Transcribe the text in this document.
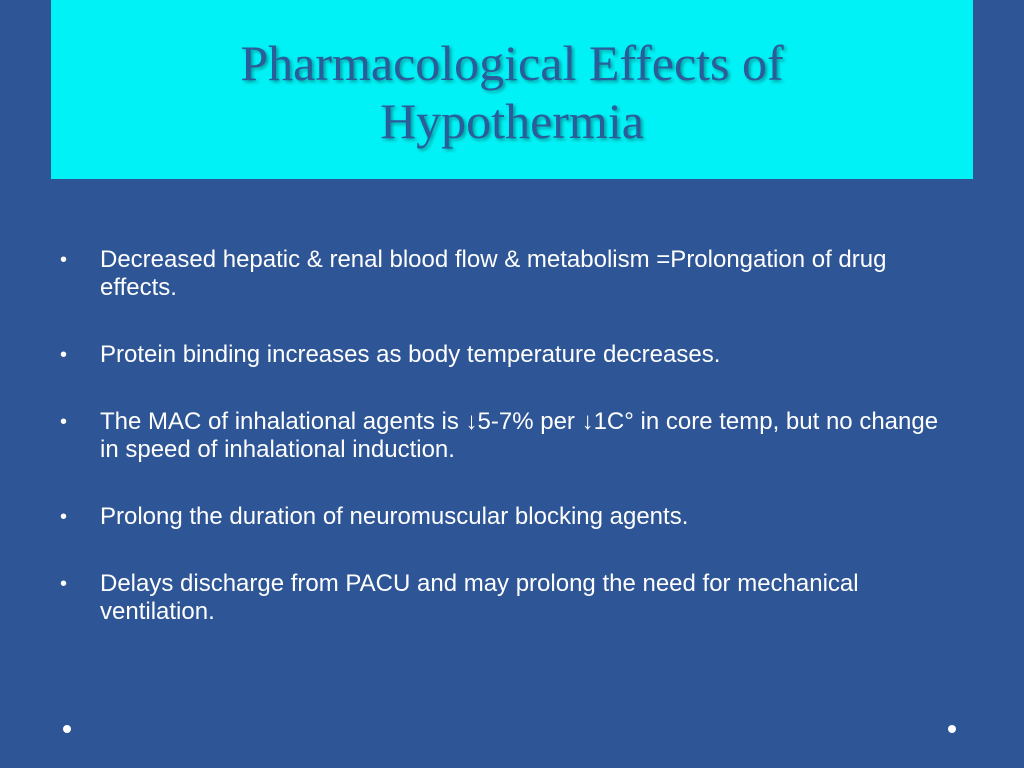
Pharmacological Effects of
Hypothermia
• Decreased hepatic & renal blood flow & metabolism =Prolongation of drug effects.
• Protein binding increases as body temperature decreases.
• The MAC of inhalational agents is ↓5-7% per ↓1C° in core temp, but no change in speed of inhalational induction.
• Prolong the duration of neuromuscular blocking agents.
• Delays discharge from PACU and may prolong the need for mechanical ventilation.
